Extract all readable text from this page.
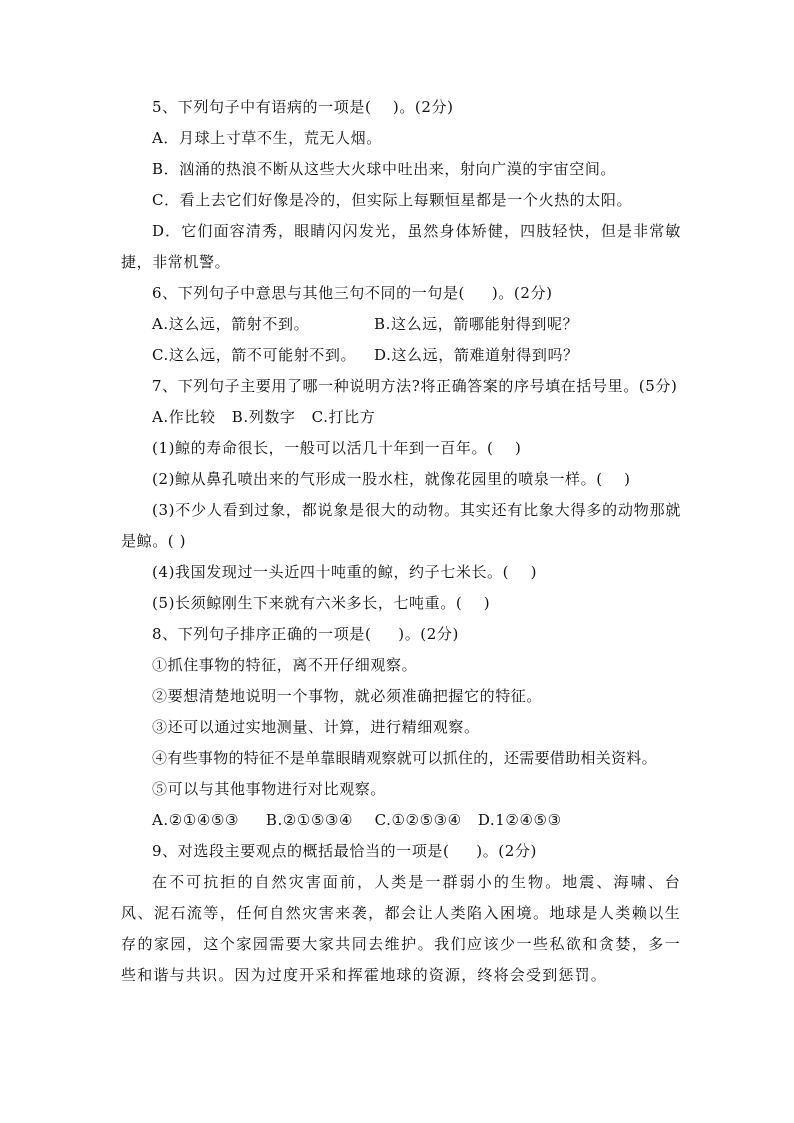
5、下列句子中有语病的一项是(    )。(2分)
A．月球上寸草不生，荒无人烟。
B．汹涌的热浪不断从这些大火球中吐出来，射向广漠的宇宙空间。
C．看上去它们好像是冷的，但实际上每颗恒星都是一个火热的太阳。
D．它们面容清秀，眼睛闪闪发光，虽然身体矫健，四肢轻快，但是非常敏捷，非常机警。
6、下列句子中意思与其他三句不同的一句是(     )。(2分)
A.这么远，箭射不到。	B.这么远，箭哪能射得到呢？
C.这么远，箭不可能射不到。	D.这么远，箭难道射得到吗？
7、下列句子主要用了哪一种说明方法?将正确答案的序号填在括号里。(5分)
A.作比较   B.列数字   C.打比方
(1)鲸的寿命很长，一般可以活几十年到一百年。(    )
(2)鲸从鼻孔喷出来的气形成一股水柱，就像花园里的喷泉一样。(    )
(3)不少人看到过象，都说象是很大的动物。其实还有比象大得多的动物那就是鲸。( )
(4)我国发现过一头近四十吨重的鲸，约子七米长。(    )
(5)长须鲸刚生下来就有六米多长，七吨重。(    )
8、下列句子排序正确的一项是(     )。(2分)
①抓住事物的特征，离不开仔细观察。
②要想清楚地说明一个事物，就必须准确把握它的特征。
③还可以通过实地测量、计算，进行精细观察。
④有些事物的特征不是单靠眼睛观察就可以抓住的，还需要借助相关资料。
⑤可以与其他事物进行对比观察。
A.②①④⑤③     B.②①⑤③④    C.①②⑤③④   D.1②④⑤③
9、对选段主要观点的概括最恰当的一项是(     )。(2分)
在不可抗拒的自然灾害面前，人类是一群弱小的生物。地震、海啸、台风、泥石流等，任何自然灾害来袭，都会让人类陷入困境。地球是人类赖以生存的家园，这个家园需要大家共同去维护。我们应该少一些私欲和贪婪，多一些和谐与共识。因为过度开采和挥霍地球的资源，终将会受到惩罚。
